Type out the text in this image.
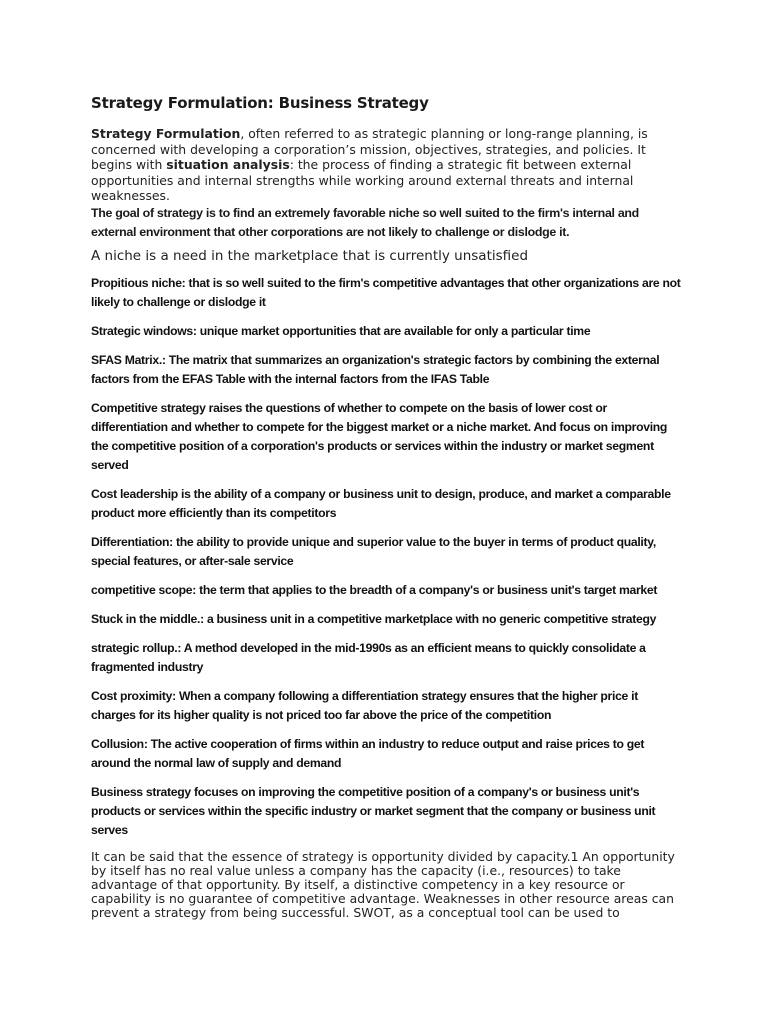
Strategy Formulation: Business Strategy

Strategy Formulation, often referred to as strategic planning or long-range planning, is concerned with developing a corporation’s mission, objectives, strategies, and policies. It begins with situation analysis: the process of finding a strategic fit between external opportunities and internal strengths while working around external threats and internal weaknesses.

The goal of strategy is to find an extremely favorable niche so well suited to the firm's internal and external environment that other corporations are not likely to challenge or dislodge it.

A niche is a need in the marketplace that is currently unsatisfied

Propitious niche: that is so well suited to the firm's competitive advantages that other organizations are not likely to challenge or dislodge it

Strategic windows: unique market opportunities that are available for only a particular time

SFAS Matrix.: The matrix that summarizes an organization's strategic factors by combining the external factors from the EFAS Table with the internal factors from the IFAS Table

Competitive strategy raises the questions of whether to compete on the basis of lower cost or differentiation and whether to compete for the biggest market or a niche market. And focus on improving the competitive position of a corporation's products or services within the industry or market segment served

Cost leadership is the ability of a company or business unit to design, produce, and market a comparable product more efficiently than its competitors

Differentiation: the ability to provide unique and superior value to the buyer in terms of product quality, special features, or after-sale service

competitive scope: the term that applies to the breadth of a company's or business unit's target market

Stuck in the middle.: a business unit in a competitive marketplace with no generic competitive strategy

strategic rollup.: A method developed in the mid-1990s as an efficient means to quickly consolidate a fragmented industry

Cost proximity: When a company following a differentiation strategy ensures that the higher price it charges for its higher quality is not priced too far above the price of the competition

Collusion: The active cooperation of firms within an industry to reduce output and raise prices to get around the normal law of supply and demand

Business strategy focuses on improving the competitive position of a company's or business unit's products or services within the specific industry or market segment that the company or business unit serves

It can be said that the essence of strategy is opportunity divided by capacity.1 An opportunity by itself has no real value unless a company has the capacity (i.e., resources) to take advantage of that opportunity. By itself, a distinctive competency in a key resource or capability is no guarantee of competitive advantage. Weaknesses in other resource areas can prevent a strategy from being successful. SWOT, as a conceptual tool can be used to
